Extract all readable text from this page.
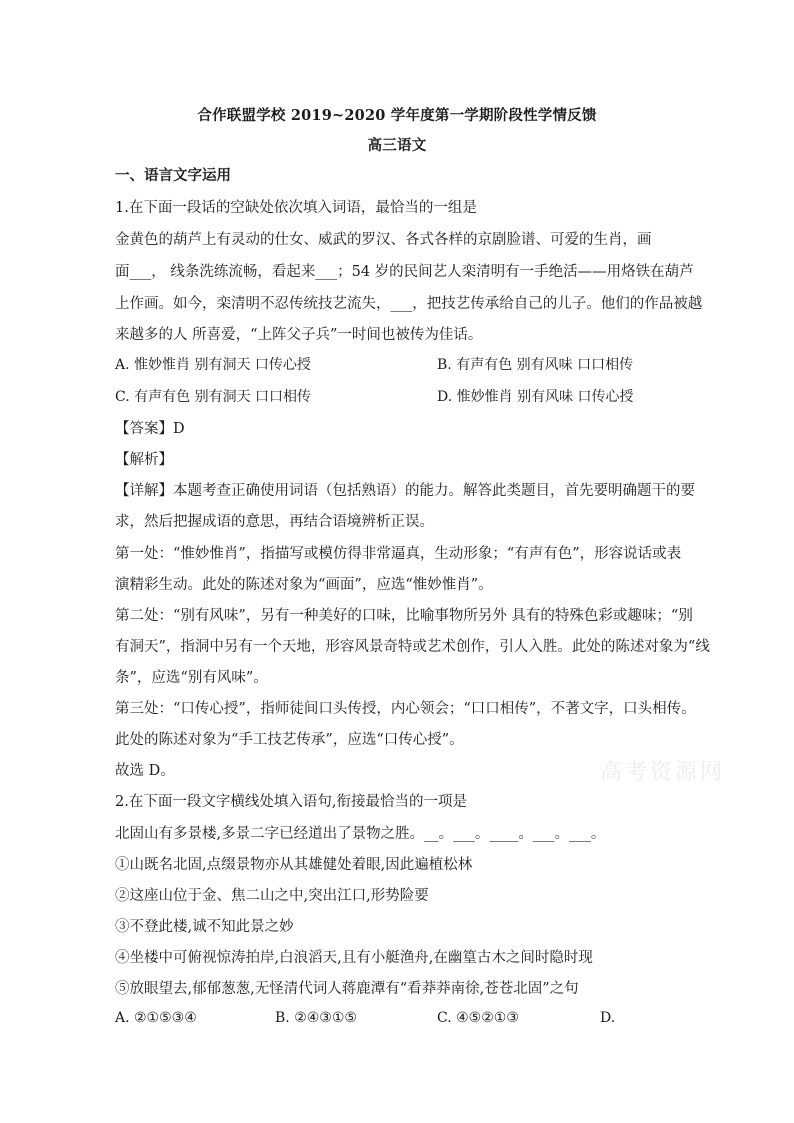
合作联盟学校 2019~2020 学年度第一学期阶段性学情反馈
高三语文
一、语言文字运用
1.在下面一段话的空缺处依次填入词语，最恰当的一组是
金黄色的葫芦上有灵动的仕女、威武的罗汉、各式各样的京剧脸谱、可爱的生肖，画
面___， 线条洗练流畅，看起来___；54 岁的民间艺人栾清明有一手绝活——用烙铁在葫芦
上作画。如今，栾清明不忍传统技艺流失，___，把技艺传承给自己的儿子。他们的作品被越
来越多的人 所喜爱，“上阵父子兵”一时间也被传为佳话。
A. 惟妙惟肖 别有洞天 口传心授	B. 有声有色 别有风味 口口相传
C. 有声有色 别有洞天 口口相传	D. 惟妙惟肖 别有风味 口传心授
【答案】D
【解析】
【详解】本题考查正确使用词语（包括熟语）的能力。解答此类题目，首先要明确题干的要
求，然后把握成语的意思，再结合语境辨析正误。
第一处：“惟妙惟肖”，指描写或模仿得非常逼真，生动形象；“有声有色”，形容说话或表
演精彩生动。此处的陈述对象为“画面”，应选“惟妙惟肖”。
第二处：“别有风味”，另有一种美好的口味，比喻事物所另外 具有的特殊色彩或趣味；“别
有洞天”，指洞中另有一个天地，形容风景奇特或艺术创作，引人入胜。此处的陈述对象为“线
条”，应选“别有风味”。
第三处：“口传心授”，指师徒间口头传授，内心领会；“口口相传”，不著文字，口头相传。
此处的陈述对象为“手工技艺传承”，应选“口传心授”。
故选 D。
2.在下面一段文字横线处填入语句,衔接最恰当的一项是
北固山有多景楼,多景二字已经道出了景物之胜。__。___。____。___。___。
①山既名北固,点缀景物亦从其雄健处着眼,因此遍植松林
②这座山位于金、焦二山之中,突出江口,形势险要
③不登此楼,诚不知此景之妙
④坐楼中可俯视惊涛拍岸,白浪滔天,且有小艇渔舟,在幽篁古木之间时隐时现
⑤放眼望去,郁郁葱葱,无怪清代词人蒋鹿潭有“看莽莽南徐,苍苍北固”之句
A. ②①⑤③④	B. ②④③①⑤	C. ④⑤②①③	D.
高考资源网
